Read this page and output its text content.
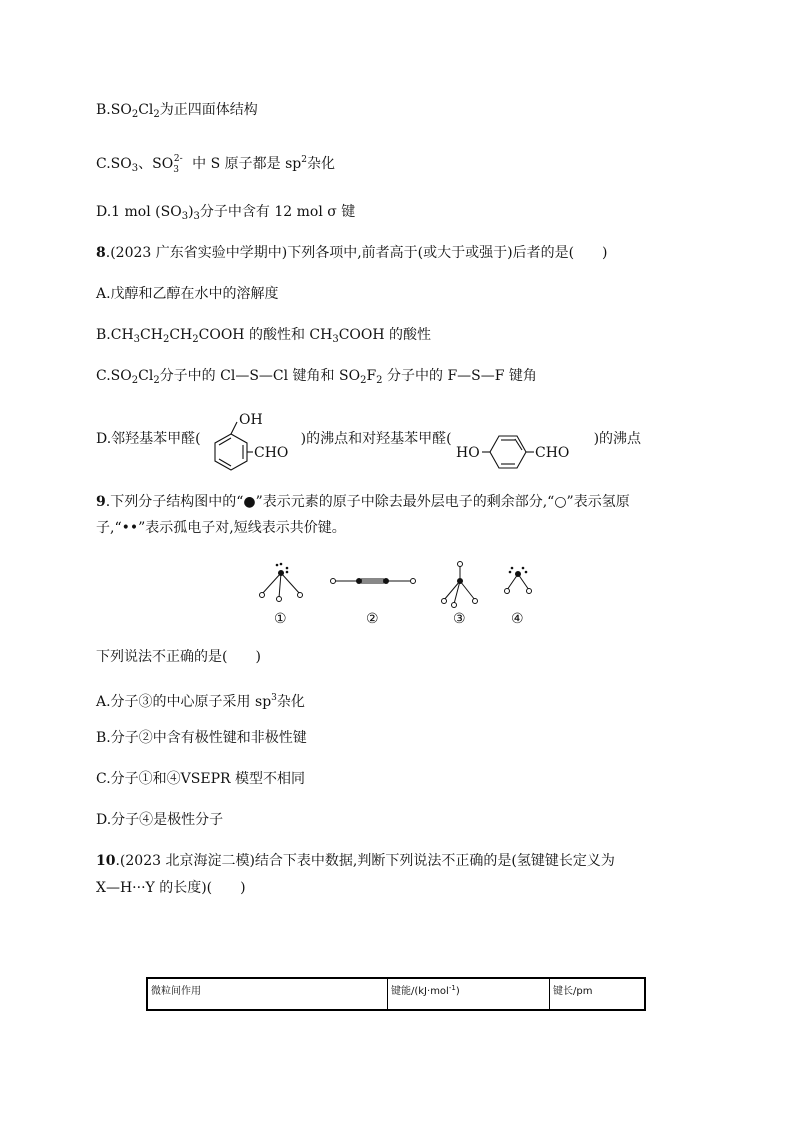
$B.SO_2Cl_2$为正四面体结构
$C.SO_3$、$SO_3^{2-}$ 中 S 原子都是 $sp^2$杂化
D.1 mol $(SO_3)_3$分子中含有 12 mol σ 键
8.(2023 广东省实验中学期中)下列各项中,前者高于(或大于或强于)后者的是(　　)
A.戊醇和乙醇在水中的溶解度
$B.CH_3CH_2CH_2COOH$ 的酸性和 $CH_3COOH$ 的酸性
$C.SO_2Cl_2$分子中的 Cl—S—Cl 键角和 $SO_2F_2$ 分子中的 F—S—F 键角
D.邻羟基苯甲醛(
OH
CHO
)的沸点和对羟基苯甲醛(
HO	CHO
)的沸点
9.下列分子结构图中的“●”表示元素的原子中除去最外层电子的剩余部分,“○”表示氢原
子,“••”表示孤电子对,短线表示共价键。
①	②	③	④
下列说法不正确的是(　　)
A.分子③的中心原子采用 $sp^3$杂化
B.分子②中含有极性键和非极性键
C.分子①和④VSEPR 模型不相同
D.分子④是极性分子
10.(2023 北京海淀二模)结合下表中数据,判断下列说法不正确的是(氢键键长定义为
X—H···Y 的长度)(　　)
微粒间作用	键能/(kJ·mol$^{-1}$)	键长/pm
